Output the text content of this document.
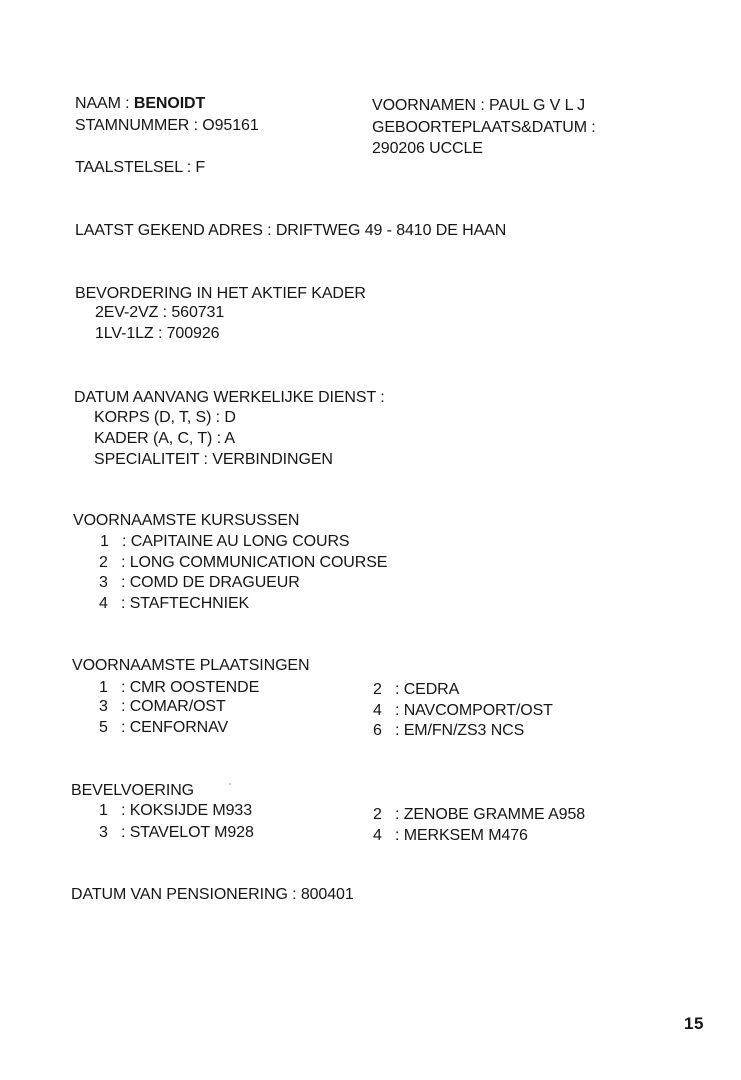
NAAM : BENOIDT
STAMNUMMER : O95161
TAALSTELSEL : F
VOORNAMEN : PAUL G V L J
GEBOORTEPLAATS&DATUM :
290206 UCCLE
LAATST GEKEND ADRES : DRIFTWEG 49 - 8410 DE HAAN
BEVORDERING IN HET AKTIEF KADER
2EV-2VZ : 560731
1LV-1LZ : 700926
DATUM AANVANG WERKELIJKE DIENST :
KORPS (D, T, S) : D
KADER (A, C, T) : A
SPECIALITEIT : VERBINDINGEN
VOORNAAMSTE KURSUSSEN
1 : CAPITAINE AU LONG COURS
2 : LONG COMMUNICATION COURSE
3 : COMD DE DRAGUEUR
4 : STAFTECHNIEK
VOORNAAMSTE PLAATSINGEN
1 : CMR OOSTENDE
3 : COMAR/OST
5 : CENFORNAV
2 : CEDRA
4 : NAVCOMPORT/OST
6 : EM/FN/ZS3 NCS
BEVELVOERING
1 : KOKSIJDE M933
3 : STAVELOT M928
2 : ZENOBE GRAMME A958
4 : MERKSEM M476
DATUM VAN PENSIONERING : 800401
15
